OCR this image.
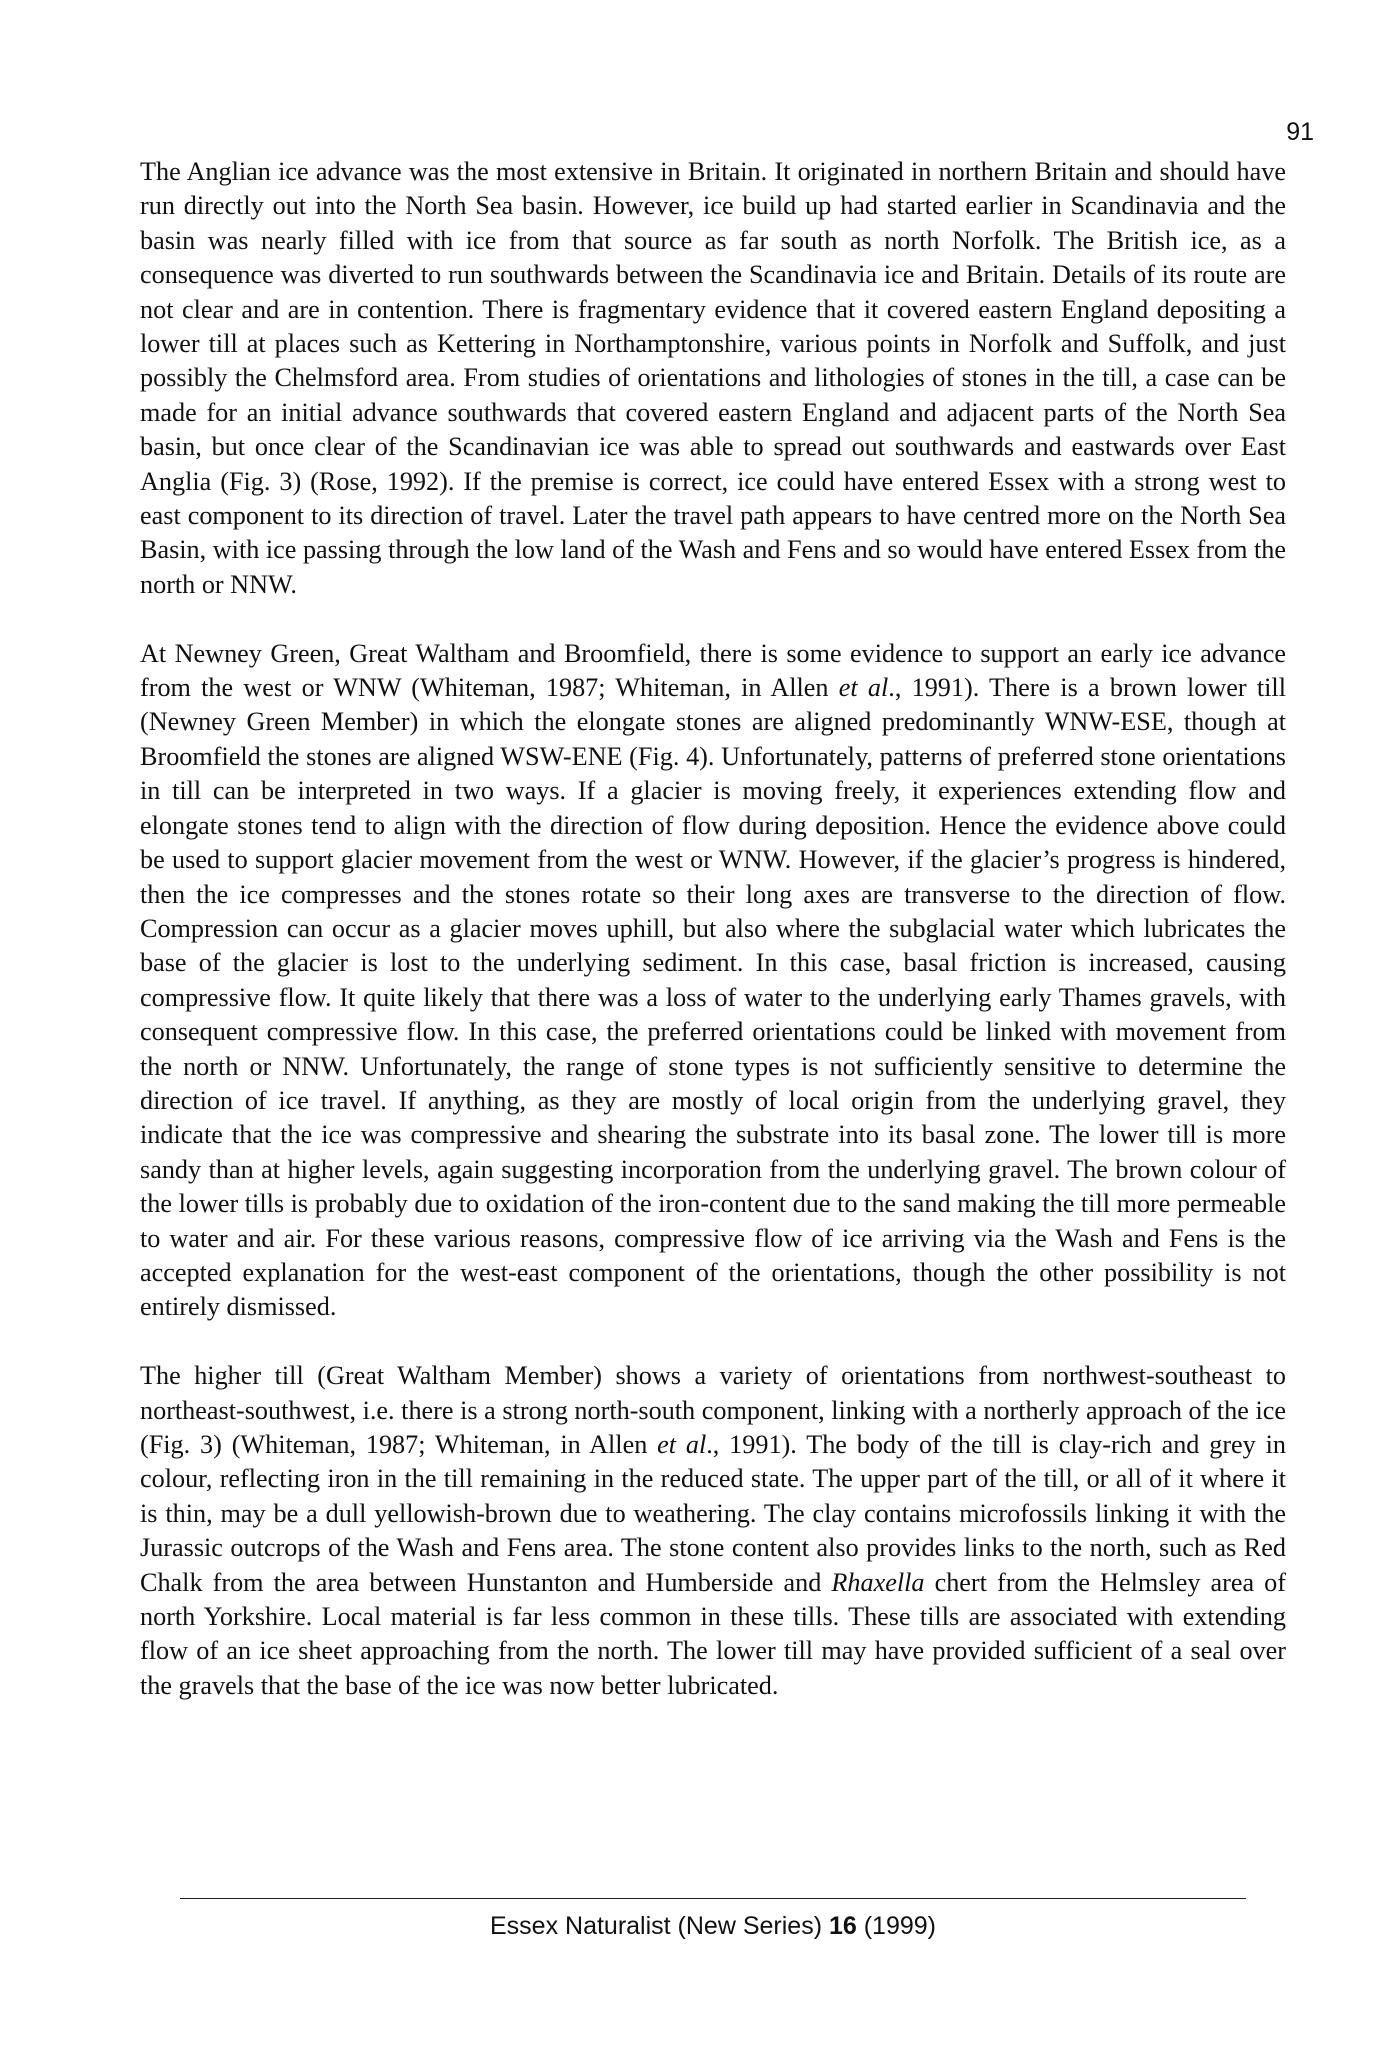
91

The Anglian ice advance was the most extensive in Britain. It originated in northern Britain and should have run directly out into the North Sea basin. However, ice build up had started earlier in Scandinavia and the basin was nearly filled with ice from that source as far south as north Norfolk. The British ice, as a consequence was diverted to run southwards between the Scandinavia ice and Britain. Details of its route are not clear and are in contention. There is fragmentary evidence that it covered eastern England depositing a lower till at places such as Kettering in Northamptonshire, various points in Norfolk and Suffolk, and just possibly the Chelmsford area. From studies of orientations and lithologies of stones in the till, a case can be made for an initial advance southwards that covered eastern England and adjacent parts of the North Sea basin, but once clear of the Scandinavian ice was able to spread out southwards and eastwards over East Anglia (Fig. 3) (Rose, 1992). If the premise is correct, ice could have entered Essex with a strong west to east component to its direction of travel. Later the travel path appears to have centred more on the North Sea Basin, with ice passing through the low land of the Wash and Fens and so would have entered Essex from the north or NNW.

At Newney Green, Great Waltham and Broomfield, there is some evidence to support an early ice advance from the west or WNW (Whiteman, 1987; Whiteman, in Allen et al., 1991). There is a brown lower till (Newney Green Member) in which the elongate stones are aligned predominantly WNW-ESE, though at Broomfield the stones are aligned WSW-ENE (Fig. 4). Unfortunately, patterns of preferred stone orientations in till can be interpreted in two ways. If a glacier is moving freely, it experiences extending flow and elongate stones tend to align with the direction of flow during deposition. Hence the evidence above could be used to support glacier movement from the west or WNW. However, if the glacier’s progress is hindered, then the ice compresses and the stones rotate so their long axes are transverse to the direction of flow. Compression can occur as a glacier moves uphill, but also where the subglacial water which lubricates the base of the glacier is lost to the underlying sediment. In this case, basal friction is increased, causing compressive flow. It quite likely that there was a loss of water to the underlying early Thames gravels, with consequent compressive flow. In this case, the preferred orientations could be linked with movement from the north or NNW. Unfortunately, the range of stone types is not sufficiently sensitive to determine the direction of ice travel. If anything, as they are mostly of local origin from the underlying gravel, they indicate that the ice was compressive and shearing the substrate into its basal zone. The lower till is more sandy than at higher levels, again suggesting incorporation from the underlying gravel. The brown colour of the lower tills is probably due to oxidation of the iron-content due to the sand making the till more permeable to water and air. For these various reasons, compressive flow of ice arriving via the Wash and Fens is the accepted explanation for the west-east component of the orientations, though the other possibility is not entirely dismissed.

The higher till (Great Waltham Member) shows a variety of orientations from northwest-southeast to northeast-southwest, i.e. there is a strong north-south component, linking with a northerly approach of the ice (Fig. 3) (Whiteman, 1987; Whiteman, in Allen et al., 1991). The body of the till is clay-rich and grey in colour, reflecting iron in the till remaining in the reduced state. The upper part of the till, or all of it where it is thin, may be a dull yellowish-brown due to weathering. The clay contains microfossils linking it with the Jurassic outcrops of the Wash and Fens area. The stone content also provides links to the north, such as Red Chalk from the area between Hunstanton and Humberside and Rhaxella chert from the Helmsley area of north Yorkshire. Local material is far less common in these tills. These tills are associated with extending flow of an ice sheet approaching from the north. The lower till may have provided sufficient of a seal over the gravels that the base of the ice was now better lubricated.

Essex Naturalist (New Series) 16 (1999)
